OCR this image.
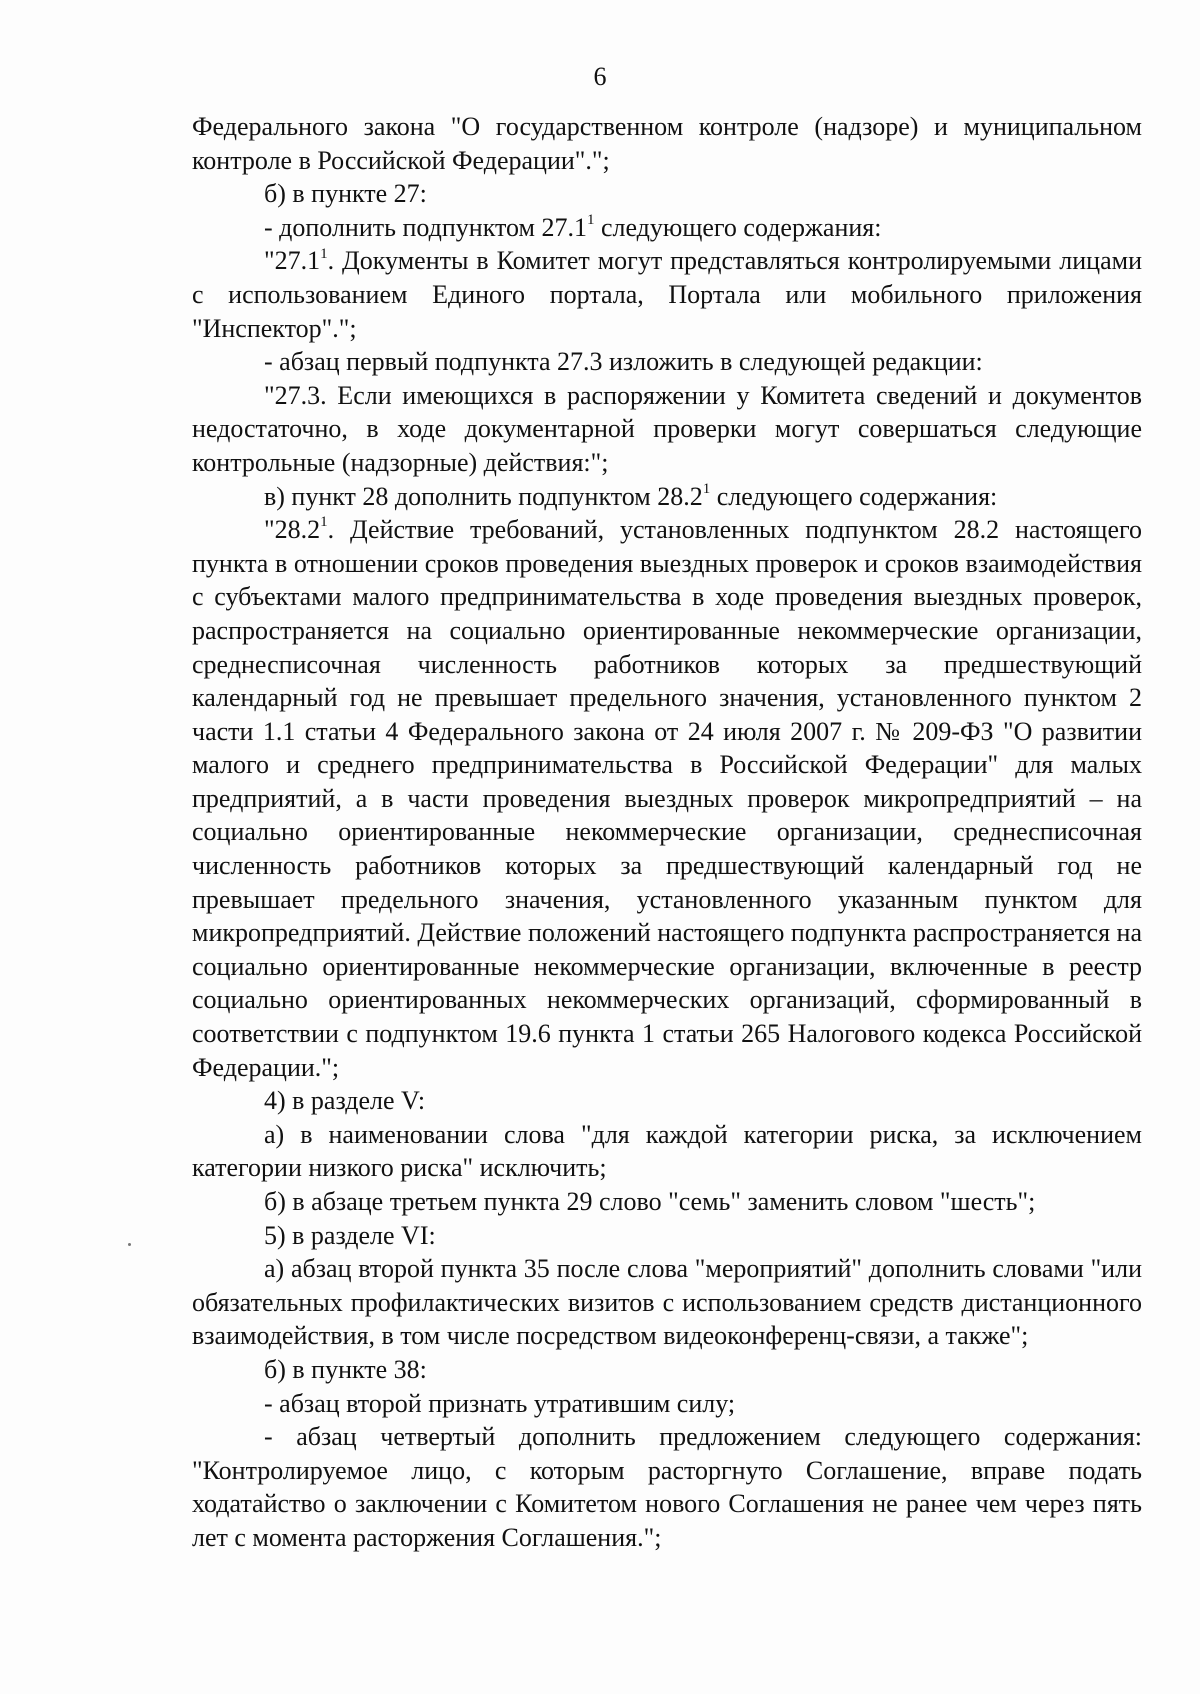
6

Федерального закона "О государственном контроле (надзоре) и муниципальном контроле в Российской Федерации".";

б) в пункте 27:

- дополнить подпунктом 27.1$^1$ следующего содержания:

"27.1$^1$. Документы в Комитет могут представляться контролируемыми лицами с использованием Единого портала, Портала или мобильного приложения "Инспектор".";

- абзац первый подпункта 27.3 изложить в следующей редакции:

"27.3. Если имеющихся в распоряжении у Комитета сведений и документов недостаточно, в ходе документарной проверки могут совершаться следующие контрольные (надзорные) действия:";

в) пункт 28 дополнить подпунктом 28.2$^1$ следующего содержания:

"28.2$^1$. Действие требований, установленных подпунктом 28.2 настоящего пункта в отношении сроков проведения выездных проверок и сроков взаимодействия с субъектами малого предпринимательства в ходе проведения выездных проверок, распространяется на социально ориентированные некоммерческие организации, среднесписочная численность работников которых за предшествующий календарный год не превышает предельного значения, установленного пунктом 2 части 1.1 статьи 4 Федерального закона от 24 июля 2007 г. № 209-ФЗ "О развитии малого и среднего предпринимательства в Российской Федерации" для малых предприятий, а в части проведения выездных проверок микропредприятий – на социально ориентированные некоммерческие организации, среднесписочная численность работников которых за предшествующий календарный год не превышает предельного значения, установленного указанным пунктом для микропредприятий. Действие положений настоящего подпункта распространяется на социально ориентированные некоммерческие организации, включенные в реестр социально ориентированных некоммерческих организаций, сформированный в соответствии с подпунктом 19.6 пункта 1 статьи 265 Налогового кодекса Российской Федерации.";

4) в разделе V:

а) в наименовании слова "для каждой категории риска, за исключением категории низкого риска" исключить;

б) в абзаце третьем пункта 29 слово "семь" заменить словом "шесть";

5) в разделе VI:

а) абзац второй пункта 35 после слова "мероприятий" дополнить словами "или обязательных профилактических визитов с использованием средств дистанционного взаимодействия, в том числе посредством видеоконференц-связи, а также";

б) в пункте 38:

- абзац второй признать утратившим силу;

- абзац четвертый дополнить предложением следующего содержания: "Контролируемое лицо, с которым расторгнуто Соглашение, вправе подать ходатайство о заключении с Комитетом нового Соглашения не ранее чем через пять лет с момента расторжения Соглашения.";
